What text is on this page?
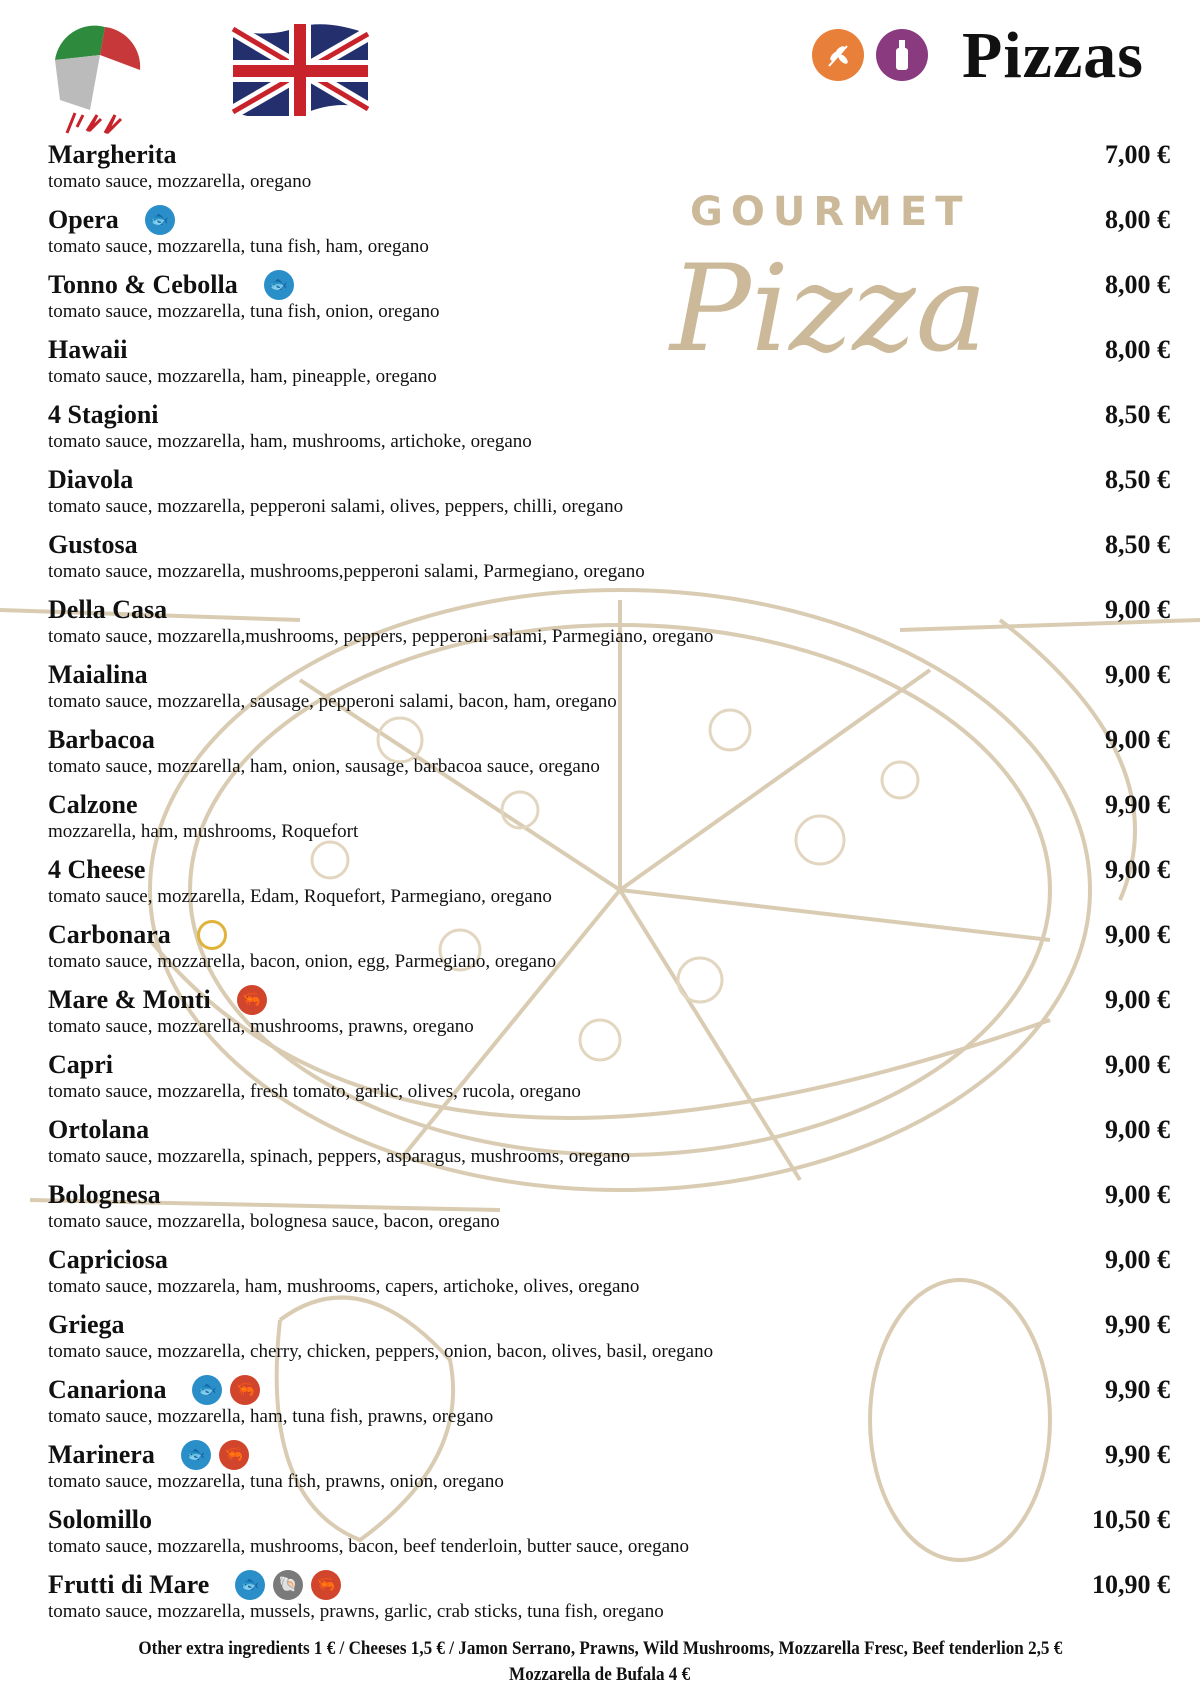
GOURMET
Pizza
Pizzas
Margherita
tomato sauce, mozzarella, oregano
7,00 €
Opera	🐟
tomato sauce, mozzarella, tuna fish, ham, oregano
8,00 €
Tonno & Cebolla	🐟
tomato sauce, mozzarella, tuna fish, onion, oregano
8,00 €
Hawaii
tomato sauce, mozzarella, ham, pineapple, oregano
8,00 €
4 Stagioni
tomato sauce, mozzarella, ham, mushrooms, artichoke, oregano
8,50 €
Diavola
tomato sauce, mozzarella, pepperoni salami, olives, peppers, chilli, oregano
8,50 €
Gustosa
tomato sauce, mozzarella, mushrooms,pepperoni salami, Parmegiano, oregano
8,50 €
Della Casa
tomato sauce, mozzarella,mushrooms, peppers, pepperoni salami, Parmegiano, oregano
9,00 €
Maialina
tomato sauce, mozzarella, sausage, pepperoni salami, bacon, ham, oregano
9,00 €
Barbacoa
tomato sauce, mozzarella, ham, onion, sausage, barbacoa sauce, oregano
9,00 €
Calzone
mozzarella, ham, mushrooms, Roquefort
9,90 €
4 Cheese
tomato sauce, mozzarella, Edam, Roquefort, Parmegiano, oregano
9,00 €
Carbonara
tomato sauce, mozzarella, bacon, onion, egg, Parmegiano, oregano
9,00 €
Mare & Monti	🦐
tomato sauce, mozzarella, mushrooms, prawns, oregano
9,00 €
Capri
tomato sauce, mozzarella, fresh tomato, garlic, olives, rucola, oregano
9,00 €
Ortolana
tomato sauce, mozzarella, spinach, peppers, asparagus, mushrooms, oregano
9,00 €
Bolognesa
tomato sauce, mozzarella, bolognesa sauce, bacon, oregano
9,00 €
Capriciosa
tomato sauce, mozzarela, ham, mushrooms, capers, artichoke, olives, oregano
9,00 €
Griega
tomato sauce, mozzarella, cherry, chicken, peppers, onion, bacon, olives, basil, oregano
9,90 €
Canariona	🐟	🦐
tomato sauce, mozzarella, ham, tuna fish, prawns, oregano
9,90 €
Marinera	🐟	🦐
tomato sauce, mozzarella, tuna fish, prawns, onion, oregano
9,90 €
Solomillo
tomato sauce, mozzarella, mushrooms, bacon, beef tenderloin, butter sauce, oregano
10,50 €
Frutti di Mare	🐟	🐚	🦐
tomato sauce, mozzarella, mussels, prawns, garlic, crab sticks, tuna fish, oregano
10,90 €
Other extra ingredients 1 € / Cheeses 1,5 € / Jamon Serrano, Prawns, Wild Mushrooms, Mozzarella Fresc, Beef tenderlion 2,5 €
Mozzarella de Bufala 4 €
